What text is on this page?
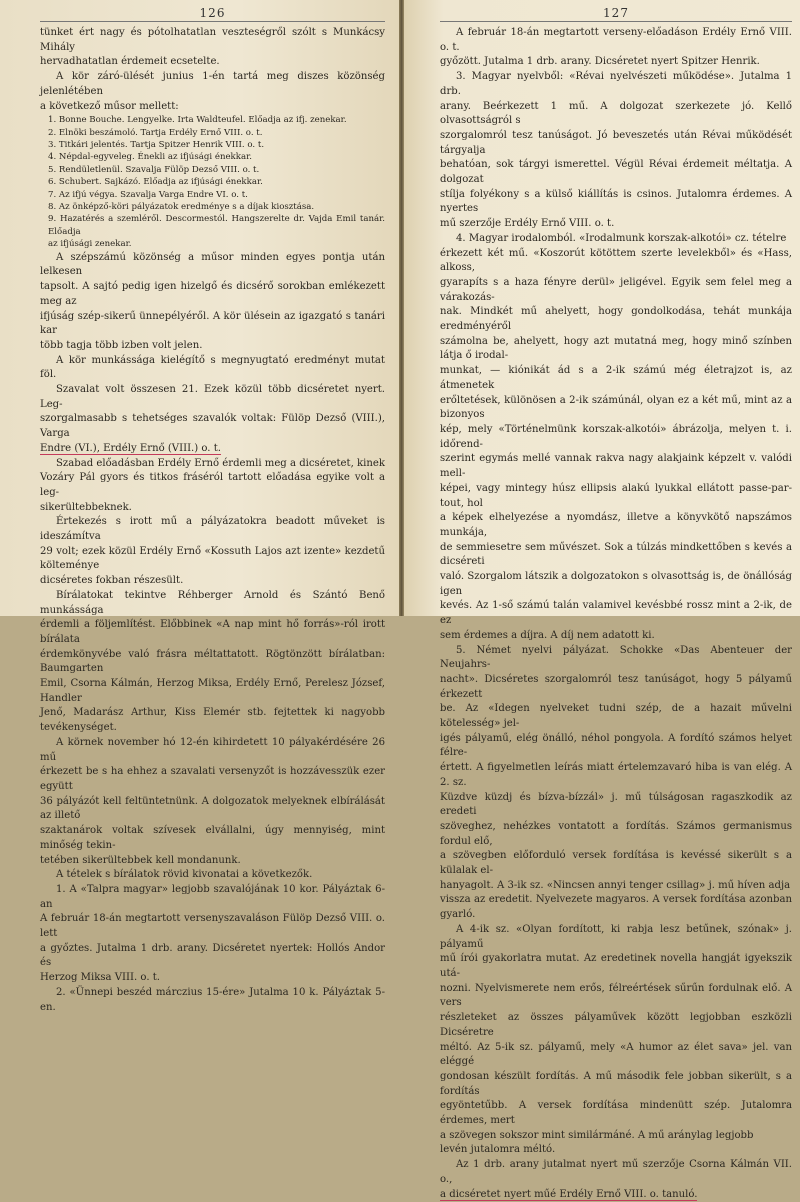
126

tünket ért nagy és pótolhatatlan veszteségről szólt s Munkácsy Mihály

hervadhatatlan érdemeit ecsetelte.

A kör záró-ülését junius 1-én tartá meg diszes közönség jelenlétében

a következő műsor mellett:

1. Bonne Bouche. Lengyelke. Irta Waldteufel. Előadja az ifj. zenekar.
2. Elnöki beszámoló. Tartja Erdély Ernő VIII. o. t.
3. Titkári jelentés. Tartja Spitzer Henrik VIII. o. t.
4. Népdal-egyveleg. Énekli az ifjúsági énekkar.
5. Rendületlenül. Szavalja Fülöp Dezső VIII. o. t.
6. Schubert. Sajkázó. Előadja az ifjúsági énekkar.
7. Az ifjú végya. Szavalja Varga Endre VI. o. t.
8. Az önképző-köri pályázatok eredménye s a díjak kiosztása.
9. Hazatérés a szemléről. Descormestól. Hangszerelte dr. Vajda Emil tanár. Előadja
az ifjúsági zenekar.

A szépszámú közönség a műsor minden egyes pontja után lelkesen

tapsolt. A sajtó pedig igen hizelgő és dicsérő sorokban emlékezett meg az

ifjúság szép-sikerű ünnepélyéről. A kör ülésein az igazgató s tanári kar

több tagja több izben volt jelen.

A kör munkássága kielégítő s megnyugtató eredményt mutat föl.

Szavalat volt összesen 21. Ezek közül több dicséretet nyert. Leg-

szorgalmasabb s tehetséges szavalók voltak: Fülöp Dezső (VIII.), Varga

Endre (VI.), Erdély Ernő (VIII.) o. t.

Szabad előadásban Erdély Ernő érdemli meg a dicséretet, kinek

Vozáry Pál gyors és titkos fráséról tartott előadása egyike volt a leg-

sikerültebbeknek.

Értekezés s irott mű a pályázatokra beadott műveket is ideszámítva

29 volt; ezek közül Erdély Ernő «Kossuth Lajos azt izente» kezdetű költeménye

dicséretes fokban részesült.

Bírálatokat tekintve Réhberger Arnold és Szántó Benő munkássága

érdemli a följemlítést. Előbbinek «A nap mint hő forrás»-ról irott bírálata

érdemkönyvébe való frásra méltattatott. Rögtönzött bírálatban: Baumgarten

Emil, Csorna Kálmán, Herzog Miksa, Erdély Ernő, Perelesz József, Handler

Jenő, Madarász Arthur, Kiss Elemér stb. fejtettek ki nagyobb tevékenységet.

A körnek november hó 12-én kihirdetett 10 pályakérdésére 26 mű

érkezett be s ha ehhez a szavalati versenyzőt is hozzávesszük ezer együtt

36 pályázót kell feltüntetnünk. A dolgozatok melyeknek elbírálását az illető

szaktanárok voltak szívesek elvállalni, úgy mennyiség, mint minőség tekin-

tetében sikerültebbek kell mondanunk.

A tételek s bírálatok rövid kivonatai a következők.

1. A «Talpra magyar» legjobb szavalójának 10 kor. Pályáztak 6-an

A február 18-án megtartott versenyszavaláson Fülöp Dezső VIII. o. lett

a győztes. Jutalma 1 drb. arany. Dicséretet nyertek: Hollós Andor és

Herzog Miksa VIII. o. t.

2. «Ünnepi beszéd márczius 15-ére» Jutalma 10 k. Pályáztak 5-en.

127

A február 18-án megtartott verseny-előadáson Erdély Ernő VIII. o. t.

győzött. Jutalma 1 drb. arany. Dicséretet nyert Spitzer Henrik.

3. Magyar nyelvből: «Révai nyelvészeti működése». Jutalma 1 drb.

arany. Beérkezett 1 mű. A dolgozat szerkezete jó. Kellő olvasottságról s

szorgalomról tesz tanúságot. Jó beveszetés után Révai működését tárgyalja

behatóan, sok tárgyi ismerettel. Végül Révai érdemeit méltatja. A dolgozat

stílja folyékony s a külső kiállítás is csinos. Jutalomra érdemes. A nyertes

mű szerzője Erdély Ernő VIII. o. t.

4. Magyar irodalomból. «Irodalmunk korszak-alkotói» cz. tételre

érkezett két mű. «Koszorút kötöttem szerte levelekből» és «Hass, alkoss,

gyarapíts s a haza fényre derül» jeligével. Egyik sem felel meg a várakozás-

nak. Mindkét mű ahelyett, hogy gondolkodása, tehát munkája eredményéről

számolna be, ahelyett, hogy azt mutatná meg, hogy minő színben látja ő irodal-

munkat, — kiónikát ád s a 2-ik számú még életrajzot is, az átmenetek

erőltetések, különösen a 2-ik számúnál, olyan ez a két mű, mint az a bizonyos

kép, mely «Történelmünk korszak-alkotói» ábrázolja, melyen t. i. időrend-

szerint egymás mellé vannak rakva nagy alakjaink képzelt v. valódi mell-

képei, vagy mintegy húsz ellipsis alakú lyukkal ellátott passe-par-tout, hol

a képek elhelyezése a nyomdász, illetve a könyvkötő napszámos munkája,

de semmiesetre sem művészet. Sok a túlzás mindkettőben s kevés a dicséreti

való. Szorgalom látszik a dolgozatokon s olvasottság is, de önállóság igen

kevés. Az 1-ső számú talán valamivel kevésbbé rossz mint a 2-ik, de ez

sem érdemes a díjra. A díj nem adatott ki.

5. Német nyelvi pályázat. Schokke «Das Abenteuer der Neujahrs-

nacht». Dicséretes szorgalomról tesz tanúságot, hogy 5 pályamű érkezett

be. Az «Idegen nyelveket tudni szép, de a hazait művelni kötelesség» jel-

igés pályamű, elég önálló, néhol pongyola. A fordító számos helyet félre-

értett. A figyelmetlen leírás miatt értelemzavaró hiba is van elég. A 2. sz.

Küzdve küzdj és bízva-bízzál» j. mű túlságosan ragaszkodik az eredeti

szöveghez, nehézkes vontatott a fordítás. Számos germanismus fordul elő,

a szövegben előforduló versek fordítása is kevéssé sikerült s a külalak el-

hanyagolt. A 3-ik sz. «Nincsen annyi tenger csillag» j. mű híven adja

vissza az eredetit. Nyelvezete magyaros. A versek fordítása azonban gyarló.

A 4-ik sz. «Olyan fordított, ki rabja lesz betűnek, szónak» j. pályamű

mű írói gyakorlatra mutat. Az eredetinek novella hangját igyekszik utá-

nozni. Nyelvismerete nem erős, félreértések sűrűn fordulnak elő. A vers

részleteket az összes pályaművek között legjobban eszközli Dicséretre

méltó. Az 5-ik sz. pályamű, mely «A humor az élet sava» jel. van eléggé

gondosan készült fordítás. A mű második fele jobban sikerült, s a fordítás

egyöntetűbb. A versek fordítása mindenütt szép. Jutalomra érdemes, mert

a szövegen sokszor mint similármáné. A mű aránylag legjobb

levén jutalomra méltó.

Az 1 drb. arany jutalmat nyert mű szerzője Csorna Kálmán VII. o.,

a dicséretet nyert műé Erdély Ernő VIII. o. tanuló.
